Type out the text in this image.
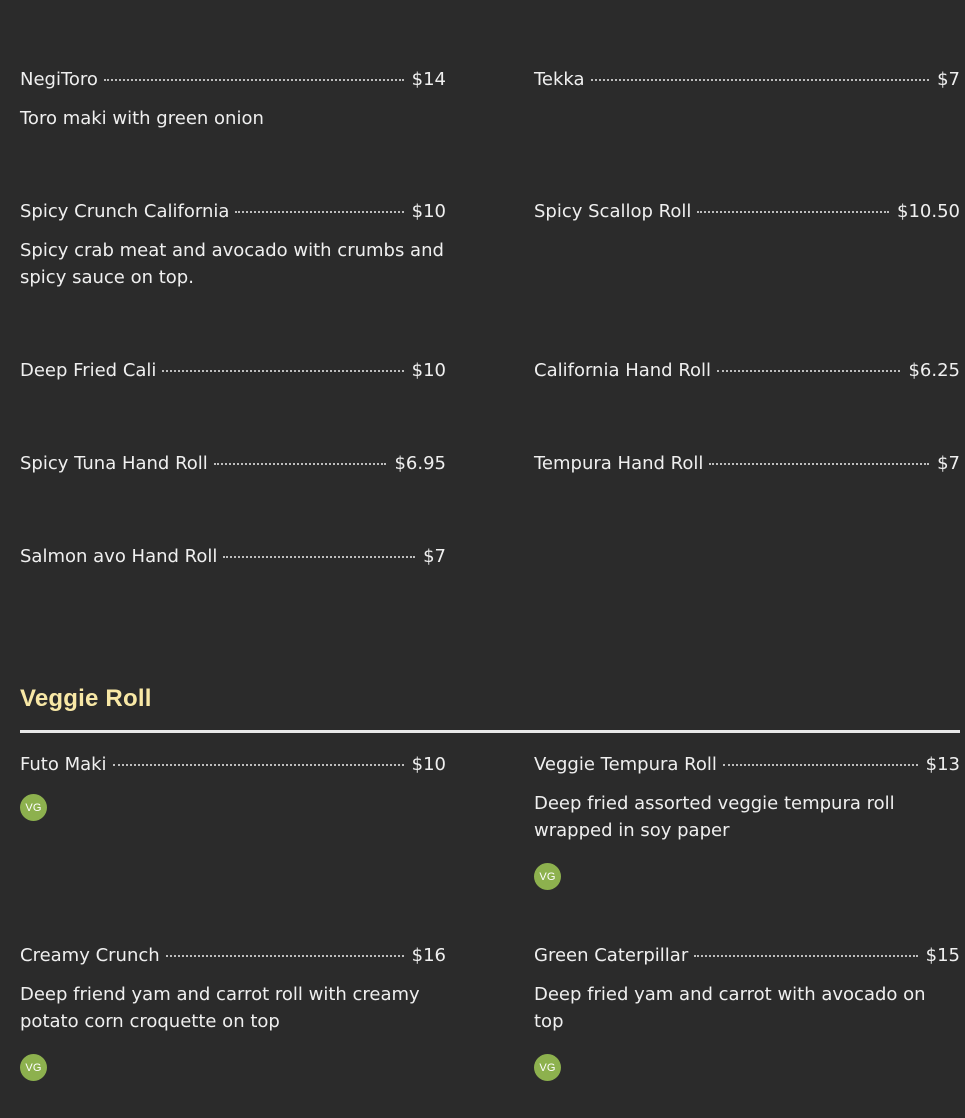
NegiToro	$14
Toro maki with green onion
Tekka	$7
Spicy Crunch California	$10
Spicy crab meat and avocado with crumbs and spicy sauce on top.
Spicy Scallop Roll	$10.50
Deep Fried Cali	$10	California Hand Roll	$6.25
Spicy Tuna Hand Roll	$6.95	Tempura Hand Roll	$7
Salmon avo Hand Roll	$7
Veggie Roll
Futo Maki	$10
VG
Veggie Tempura Roll	$13
Deep fried assorted veggie tempura roll wrapped in soy paper
VG
Creamy Crunch	$16
Deep friend yam and carrot roll with creamy potato corn croquette on top
VG
Green Caterpillar	$15
Deep fried yam and carrot with avocado on top
VG
